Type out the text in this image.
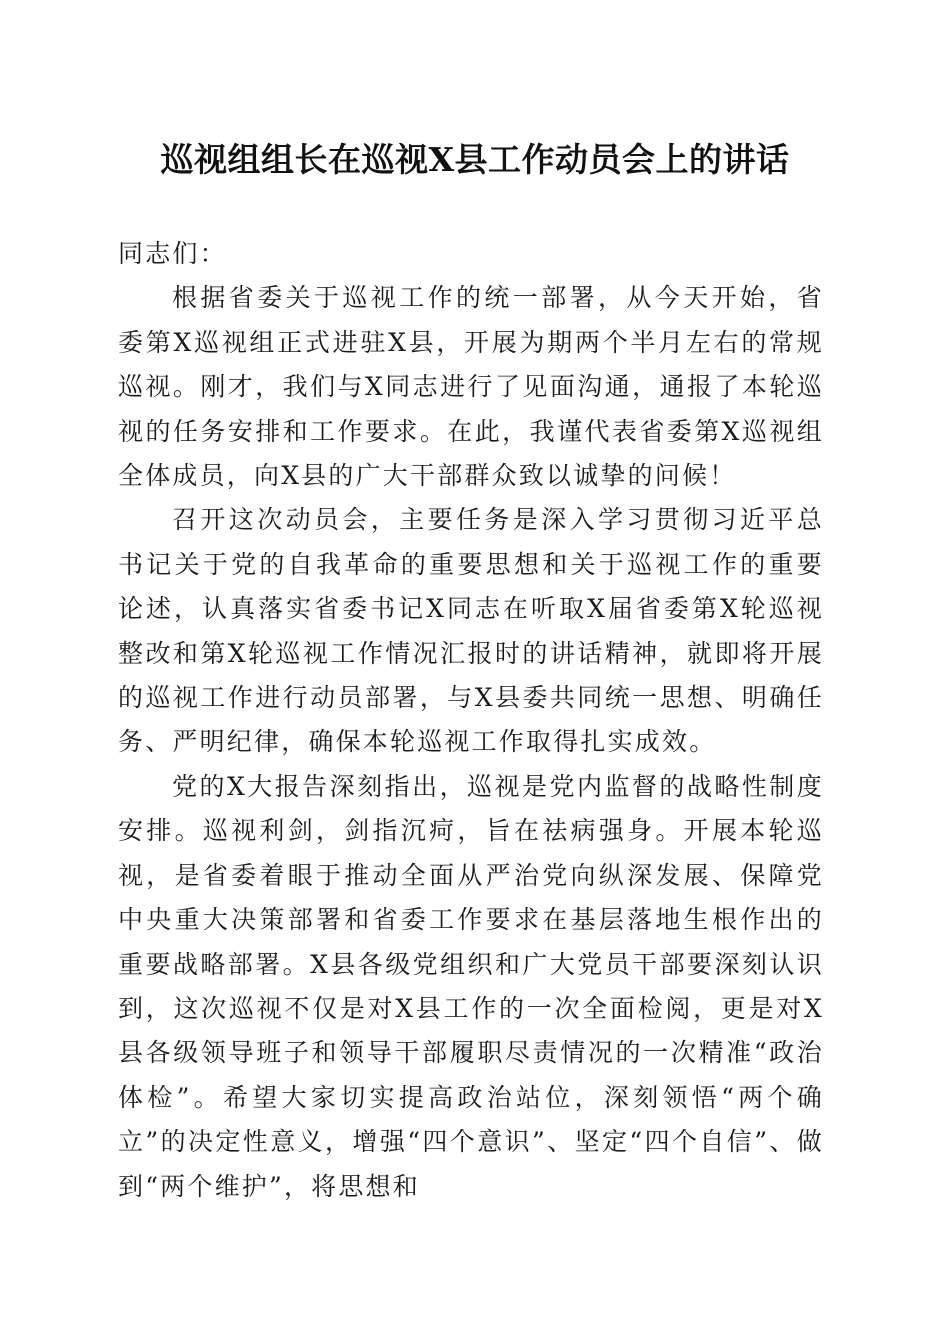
巡视组组长在巡视X县工作动员会上的讲话

同志们：

根据省委关于巡视工作的统一部署，从今天开始，省委第X巡视组正式进驻X县，开展为期两个半月左右的常规巡视。刚才，我们与X同志进行了见面沟通，通报了本轮巡视的任务安排和工作要求。在此，我谨代表省委第X巡视组全体成员，向X县的广大干部群众致以诚挚的问候！

召开这次动员会，主要任务是深入学习贯彻习近平总书记关于党的自我革命的重要思想和关于巡视工作的重要论述，认真落实省委书记X同志在听取X届省委第X轮巡视整改和第X轮巡视工作情况汇报时的讲话精神，就即将开展的巡视工作进行动员部署，与X县委共同统一思想、明确任务、严明纪律，确保本轮巡视工作取得扎实成效。

党的X大报告深刻指出，巡视是党内监督的战略性制度安排。巡视利剑，剑指沉疴，旨在祛病强身。开展本轮巡视，是省委着眼于推动全面从严治党向纵深发展、保障党中央重大决策部署和省委工作要求在基层落地生根作出的重要战略部署。X县各级党组织和广大党员干部要深刻认识到，这次巡视不仅是对X县工作的一次全面检阅，更是对X县各级领导班子和领导干部履职尽责情况的一次精准“政治体检”。希望大家切实提高政治站位，深刻领悟“两个确立”的决定性意义，增强“四个意识”、坚定“四个自信”、做到“两个维护”，将思想和
